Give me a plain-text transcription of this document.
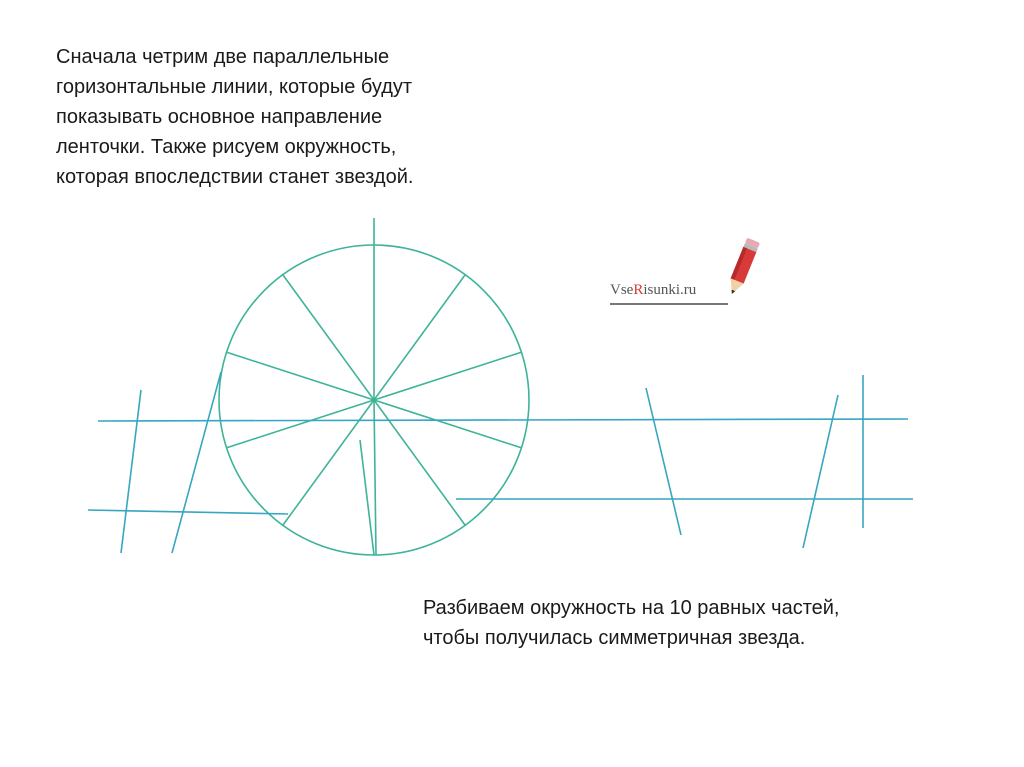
Сначала четрим две параллельные
горизонтальные линии, которые будут
показывать основное направление
ленточки. Также рисуем окружность,
которая впоследствии станет звездой.

VseRisunki.ru

Разбиваем окружность на 10 равных частей,
чтобы получилась симметричная звезда.
